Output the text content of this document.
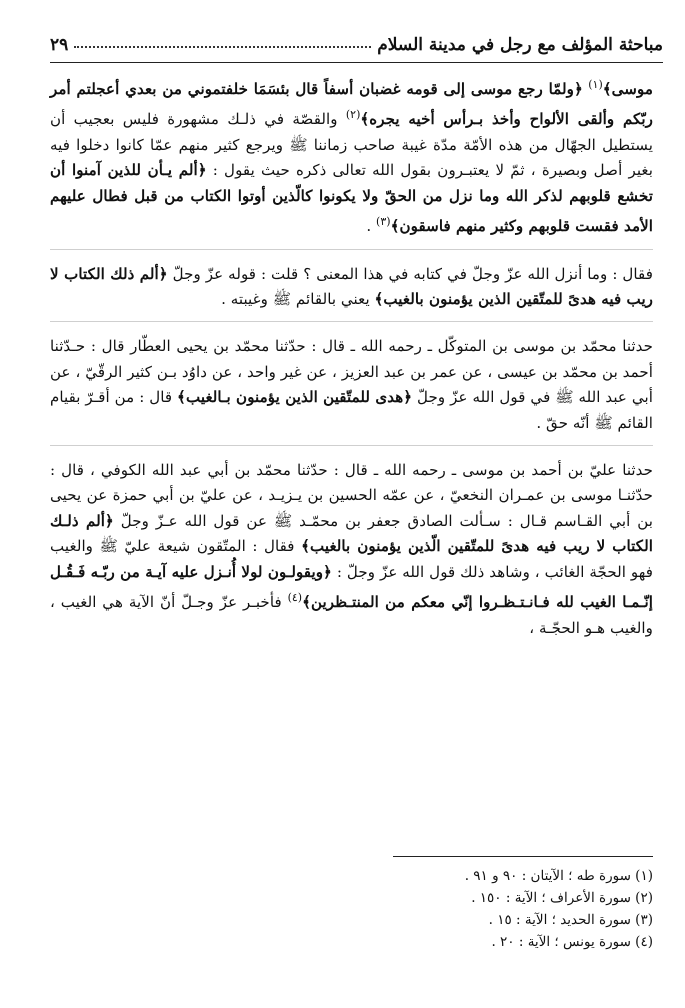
مباحثة المؤلف مع رجل في مدينة السلام
٢٩

موسى﴾$^{(١)}$ ﴿ولمّا رجع موسى إلى قومه غضبان أسفاً قال بئسَمَا خلفتموني من بعدي أعجلتم أمر ربّكم وألقى الألواح وأخذ بـرأس أخيه يجره﴾$^{(٢)}$ والقصّة في ذلـك مشهورة فليس بعجيب أن يستطيل الجهّال من هذه الأمّة مدّة غيبة صاحب زماننا ﷺ ويرجع كثير منهم عمّا كانوا دخلوا فيه بغير أصل وبصيرة ، ثمّ لا يعتبـرون بقول الله تعالى ذكره حيث يقول : ﴿ألم يـأن للذين آمنوا أن تخشع قلوبهم لذكر الله وما نزل من الحقّ ولا يكونوا كالّذين أوتوا الكتاب من قبل فطال عليهم الأمد فقست قلوبهم وكثير منهم فاسقون﴾$^{(٣)}$ .

فقال : وما أنزل الله عزّ وجلّ في كتابه في هذا المعنى ؟ قلت : قوله عزّ وجلّ ﴿ألم ذلك الكتاب لا ريب فيه هدىً للمتّقين الذين يؤمنون بالغيب﴾ يعني بالقائم ﷺ وغيبته .

حدثنا محمّد بن موسى بن المتوكّل ـ رحمه الله ـ قال : حدّثنا محمّد بن يحيى العطّار قال : حـدّثنا أحمد بن محمّد بن عيسى ، عن عمر بن عبد العزيز ، عن غير واحد ، عن داوُد بـن كثير الرقّيّ ، عن أبي عبد الله ﷺ في قول الله عزّ وجلّ ﴿هدى للمتّقين الذين يؤمنون بـالغيب﴾ قال : من أقـرّ بقيام القائم ﷺ أنّه حقّ .

حدثنا عليّ بن أحمد بن موسى ـ رحمه الله ـ قال : حدّثنا محمّد بن أبي عبد الله الكوفي ، قال : حدّثنـا موسى بن عمـران النخعيّ ، عن عمّه الحسين بن يـزيـد ، عن عليّ بن أبي حمزة عن يحيى بن أبي القـاسم قـال : سـألت الصادق جعفر بن محمّـد ﷺ عن قول الله عـزّ وجلّ ﴿ألم ذلـك الكتاب لا ريب فيه هدىً للمتّقين الّذين يؤمنون بالغيب﴾ فقال : المتّقون شيعة عليّ ﷺ والغيب فهو الحجّة الغائب ، وشاهد ذلك قول الله عزّ وجلّ : ﴿ويقولـون لولا أُنـزل عليه آيـة من ربّـه فَـقُـل إنّـمـا الغيب لله فـانـتـظـروا إنّي معكم من المنتـظرين﴾$^{(٤)}$ فأخبـر عزّ وجـلّ أنّ الآية هي الغيب ، والغيب هـو الحجّـة ،

(١) سورة طه ؛ الآيتان : ٩٠ و ٩١ .
(٢) سورة الأعراف ؛ الآية : ١٥٠ .
(٣) سورة الحديد ؛ الآية : ١٥ .
(٤) سورة يونس ؛ الآية : ٢٠ .
